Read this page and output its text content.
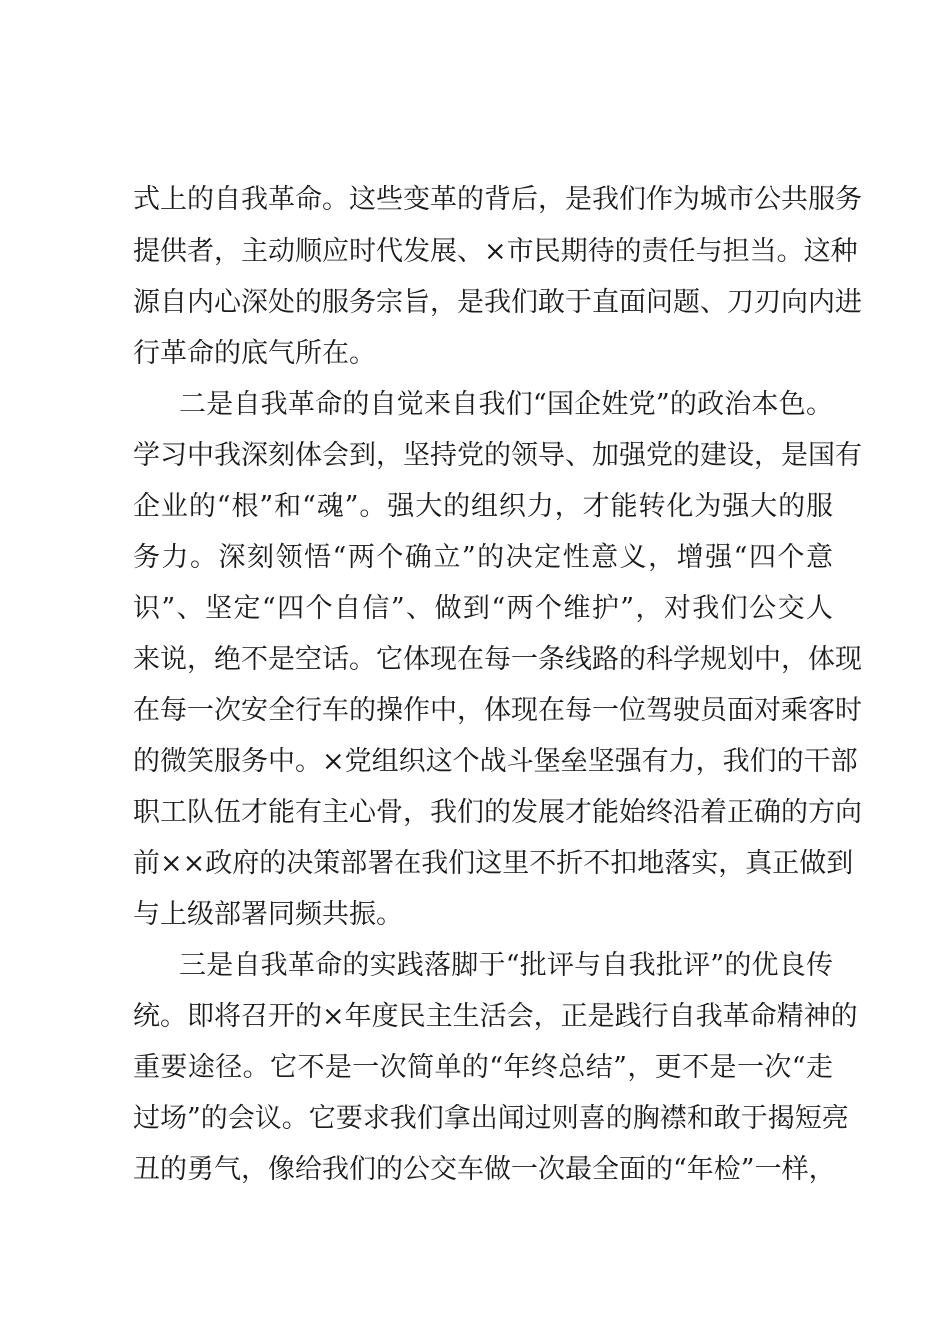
式上的自我革命。这些变革的背后，是我们作为城市公共服务
提供者，主动顺应时代发展、×市民期待的责任与担当。这种
源自内心深处的服务宗旨，是我们敢于直面问题、刀刃向内进
行革命的底气所在。
二是自我革命的自觉来自我们“国企姓党”的政治本色。
学习中我深刻体会到，坚持党的领导、加强党的建设，是国有
企业的“根”和“魂”。强大的组织力，才能转化为强大的服
务力。深刻领悟“两个确立”的决定性意义，增强“四个意
识”、坚定“四个自信”、做到“两个维护”，对我们公交人
来说，绝不是空话。它体现在每一条线路的科学规划中，体现
在每一次安全行车的操作中，体现在每一位驾驶员面对乘客时
的微笑服务中。×党组织这个战斗堡垒坚强有力，我们的干部
职工队伍才能有主心骨，我们的发展才能始终沿着正确的方向
前××政府的决策部署在我们这里不折不扣地落实，真正做到
与上级部署同频共振。
三是自我革命的实践落脚于“批评与自我批评”的优良传
统。即将召开的×年度民主生活会，正是践行自我革命精神的
重要途径。它不是一次简单的“年终总结”，更不是一次“走
过场”的会议。它要求我们拿出闻过则喜的胸襟和敢于揭短亮
丑的勇气，像给我们的公交车做一次最全面的“年检”一样，
